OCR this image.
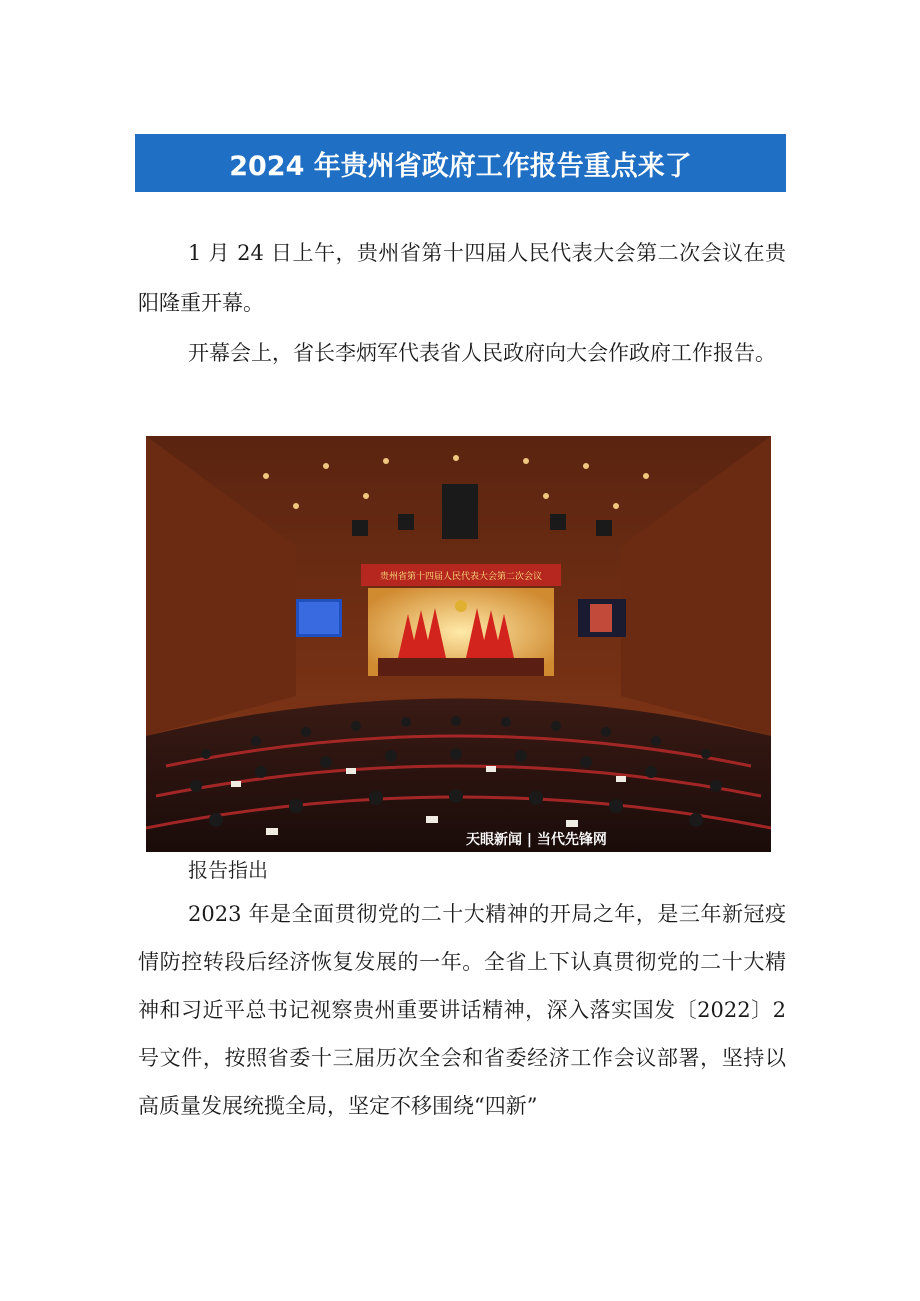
2024 年贵州省政府工作报告重点来了

1 月 24 日上午，贵州省第十四届人民代表大会第二次会议在贵阳隆重开幕。

开幕会上，省长李炳军代表省人民政府向大会作政府工作报告。

贵州省第十四届人民代表大会第二次会议
天眼新闻 | 当代先锋网

报告指出

2023 年是全面贯彻党的二十大精神的开局之年，是三年新冠疫情防控转段后经济恢复发展的一年。全省上下认真贯彻党的二十大精神和习近平总书记视察贵州重要讲话精神，深入落实国发〔2022〕2 号文件，按照省委十三届历次全会和省委经济工作会议部署，坚持以高质量发展统揽全局，坚定不移围绕“四新”
